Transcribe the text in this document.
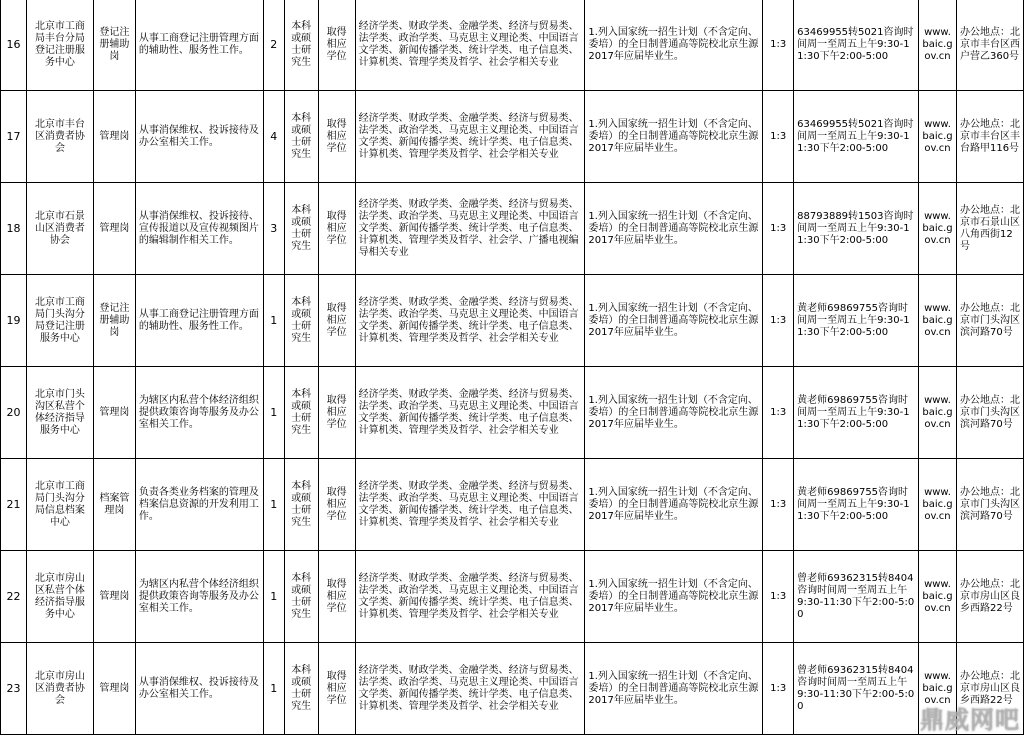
16	北京市工商局丰台分局登记注册服务中心	登记注册辅助岗	从事工商登记注册管理方面的辅助性、服务性工作。	2	本科或硕士研究生	取得相应学位	经济学类、财政学类、金融学类、经济与贸易类、法学类、政治学类、马克思主义理论类、中国语言文学类、新闻传播学类、统计学类、电子信息类、计算机类、管理学类及哲学、社会学相关专业	1.列入国家统一招生计划（不含定向、委培）的全日制普通高等院校北京生源2017年应届毕业生。	1:3	63469955转5021咨询时间周一至周五上午9:30-11:30下午2:00-5:00	www.baic.gov.cn	办公地点：北京市丰台区西户营乙360号
17	北京市丰台区消费者协会	管理岗	从事消保维权、投诉接待及办公室相关工作。	4	本科或硕士研究生	取得相应学位	经济学类、财政学类、金融学类、经济与贸易类、法学类、政治学类、马克思主义理论类、中国语言文学类、新闻传播学类、统计学类、电子信息类、计算机类、管理学类及哲学、社会学相关专业	1.列入国家统一招生计划（不含定向、委培）的全日制普通高等院校北京生源2017年应届毕业生。	1:3	63469955转5021咨询时间周一至周五上午9:30-11:30下午2:00-5:00	www.baic.gov.cn	办公地点：北京市丰台区丰台路甲116号
18	北京市石景山区消费者协会	管理岗	从事消保维权、投诉接待、宣传报道以及宣传视频图片的编辑制作相关工作。	3	本科或硕士研究生	取得相应学位	经济学类、财政学类、金融学类、经济与贸易类、法学类、政治学类、马克思主义理论类、中国语言文学类、新闻传播学类、统计学类、电子信息类、计算机类、管理学类及哲学、社会学、广播电视编导相关专业	1.列入国家统一招生计划（不含定向、委培）的全日制普通高等院校北京生源2017年应届毕业生。	1:3	88793889转1503咨询时间周一至周五上午9:30-11:30下午2:00-5:00	www.baic.gov.cn	办公地点：北京市石景山区八角西街12号
19	北京市工商局门头沟分局登记注册服务中心	登记注册辅助岗	从事工商登记注册管理方面的辅助性、服务性工作。	1	本科或硕士研究生	取得相应学位	经济学类、财政学类、金融学类、经济与贸易类、法学类、政治学类、马克思主义理论类、中国语言文学类、新闻传播学类、统计学类、电子信息类、计算机类、管理学类及哲学、社会学相关专业	1.列入国家统一招生计划（不含定向、委培）的全日制普通高等院校北京生源2017年应届毕业生。	1:3	黄老师69869755咨询时间周一至周五上午9:30-11:30下午2:00-5:00	www.baic.gov.cn	办公地点：北京市门头沟区滨河路70号
20	北京市门头沟区私营个体经济指导服务中心	管理岗	为辖区内私营个体经济组织提供政策咨询等服务及办公室相关工作。	1	本科或硕士研究生	取得相应学位	经济学类、财政学类、金融学类、经济与贸易类、法学类、政治学类、马克思主义理论类、中国语言文学类、新闻传播学类、统计学类、电子信息类、计算机类、管理学类及哲学、社会学相关专业	1.列入国家统一招生计划（不含定向、委培）的全日制普通高等院校北京生源2017年应届毕业生。	1:3	黄老师69869755咨询时间周一至周五上午9:30-11:30下午2:00-5:00	www.baic.gov.cn	办公地点：北京市门头沟区滨河路70号
21	北京市工商局门头沟分局信息档案中心	档案管理岗	负责各类业务档案的管理及档案信息资源的开发利用工作。	1	本科或硕士研究生	取得相应学位	经济学类、财政学类、金融学类、经济与贸易类、法学类、政治学类、马克思主义理论类、中国语言文学类、新闻传播学类、统计学类、电子信息类、计算机类、管理学类及哲学、社会学相关专业	1.列入国家统一招生计划（不含定向、委培）的全日制普通高等院校北京生源2017年应届毕业生。	1:3	黄老师69869755咨询时间周一至周五上午9:30-11:30下午2:00-5:00	www.baic.gov.cn	办公地点：北京市门头沟区滨河路70号
22	北京市房山区私营个体经济指导服务中心	管理岗	为辖区内私营个体经济组织提供政策咨询等服务及办公室相关工作。	1	本科或硕士研究生	取得相应学位	经济学类、财政学类、金融学类、经济与贸易类、法学类、政治学类、马克思主义理论类、中国语言文学类、新闻传播学类、统计学类、电子信息类、计算机类、管理学类及哲学、社会学相关专业	1.列入国家统一招生计划（不含定向、委培）的全日制普通高等院校北京生源2017年应届毕业生。	1:3	曾老师69362315转8404咨询时间周一至周五上午9:30-11:30下午2:00-5:00	www.baic.gov.cn	办公地点：北京市房山区良乡西路22号
23	北京市房山区消费者协会	管理岗	从事消保维权、投诉接待及办公室相关工作。	1	本科或硕士研究生	取得相应学位	经济学类、财政学类、金融学类、经济与贸易类、法学类、政治学类、马克思主义理论类、中国语言文学类、新闻传播学类、统计学类、电子信息类、计算机类、管理学类及哲学、社会学相关专业	1.列入国家统一招生计划（不含定向、委培）的全日制普通高等院校北京生源2017年应届毕业生。	1:3	曾老师69362315转8404咨询时间周一至周五上午9:30-11:30下午2:00-5:00	www.baic.gov.cn	办公地点：北京市房山区良乡西路22号
鼎威网吧
